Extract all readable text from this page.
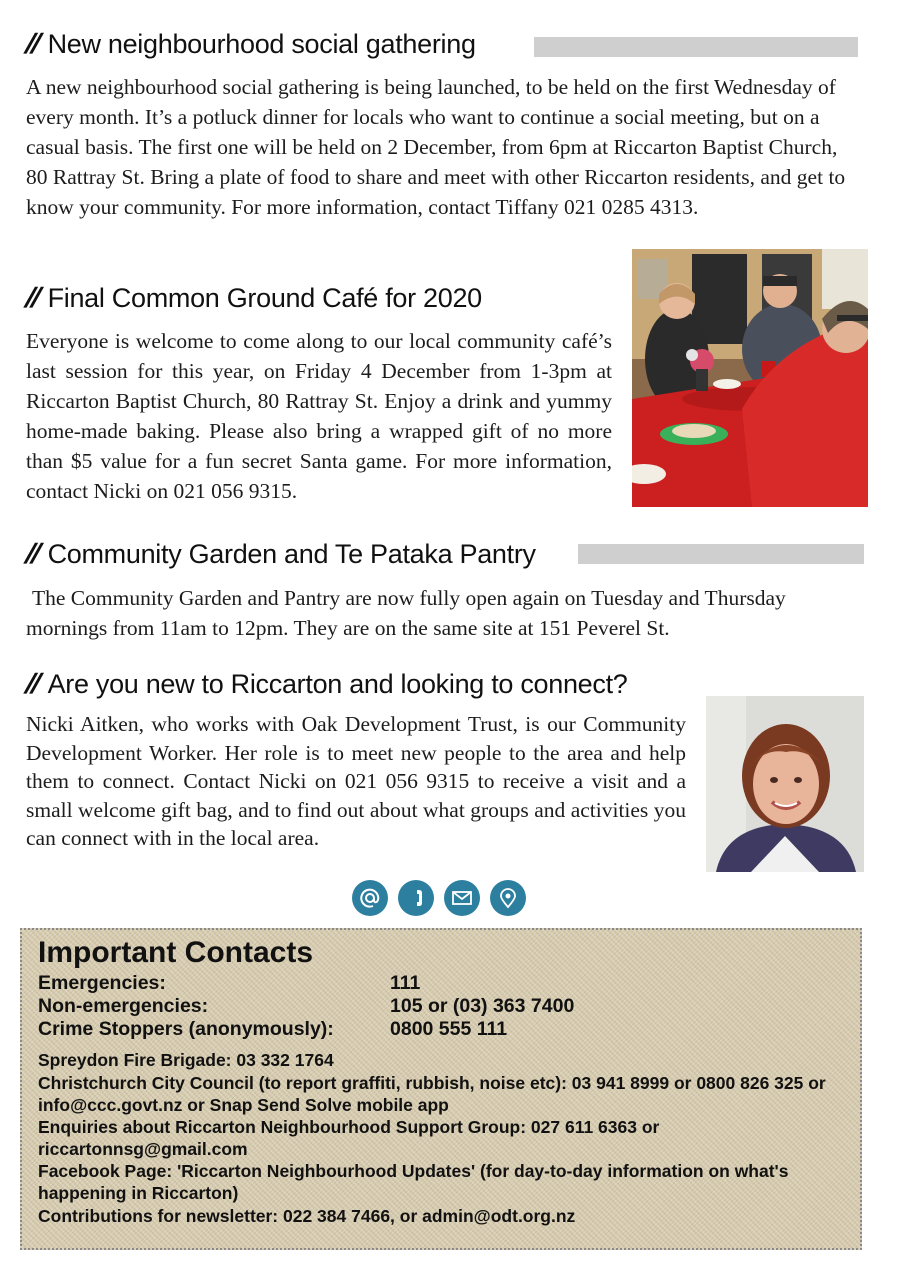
// New neighbourhood social gathering

A new neighbourhood social gathering is being launched, to be held on the first Wednesday of every month. It’s a potluck dinner for locals who want to continue a social meeting, but on a casual basis. The first one will be held on 2 December, from 6pm at Riccarton Baptist Church, 80 Rattray St. Bring a plate of food to share and meet with other Riccarton residents, and get to know your community. For more information, contact Tiffany 021 0285 4313.

// Final Common Ground Café for 2020

Everyone is welcome to come along to our local community café’s last session for this year, on Friday 4 December from 1-3pm at Riccarton Baptist Church, 80 Rattray St. Enjoy a drink and yummy home-made baking. Please also bring a wrapped gift of no more than $5 value for a fun secret Santa game. For more information, contact Nicki on 021 056 9315.

// Community Garden and Te Pataka Pantry

The Community Garden and Pantry are now fully open again on Tuesday and Thursday mornings from 11am to 12pm. They are on the same site at 151 Peverel St.

// Are you new to Riccarton and looking to connect?

Nicki Aitken, who works with Oak Development Trust, is our Community Development Worker. Her role is to meet new people to the area and help them to connect. Contact Nicki on 021 056 9315 to receive a visit and a small welcome gift bag, and to find out about what groups and activities you can connect with in the local area.

Important Contacts
Emergencies:	111
Non-emergencies:	105 or (03) 363 7400
Crime Stoppers (anonymously):	0800 555 111
Spreydon Fire Brigade: 03 332 1764
Christchurch City Council (to report graffiti, rubbish, noise etc): 03 941 8999 or 0800 826 325 or info@ccc.govt.nz or Snap Send Solve mobile app
Enquiries about Riccarton Neighbourhood Support Group: 027 611 6363 or riccartonnsg@gmail.com
Facebook Page: 'Riccarton Neighbourhood Updates' (for day-to-day information on what's happening in Riccarton)
Contributions for newsletter: 022 384 7466, or admin@odt.org.nz
